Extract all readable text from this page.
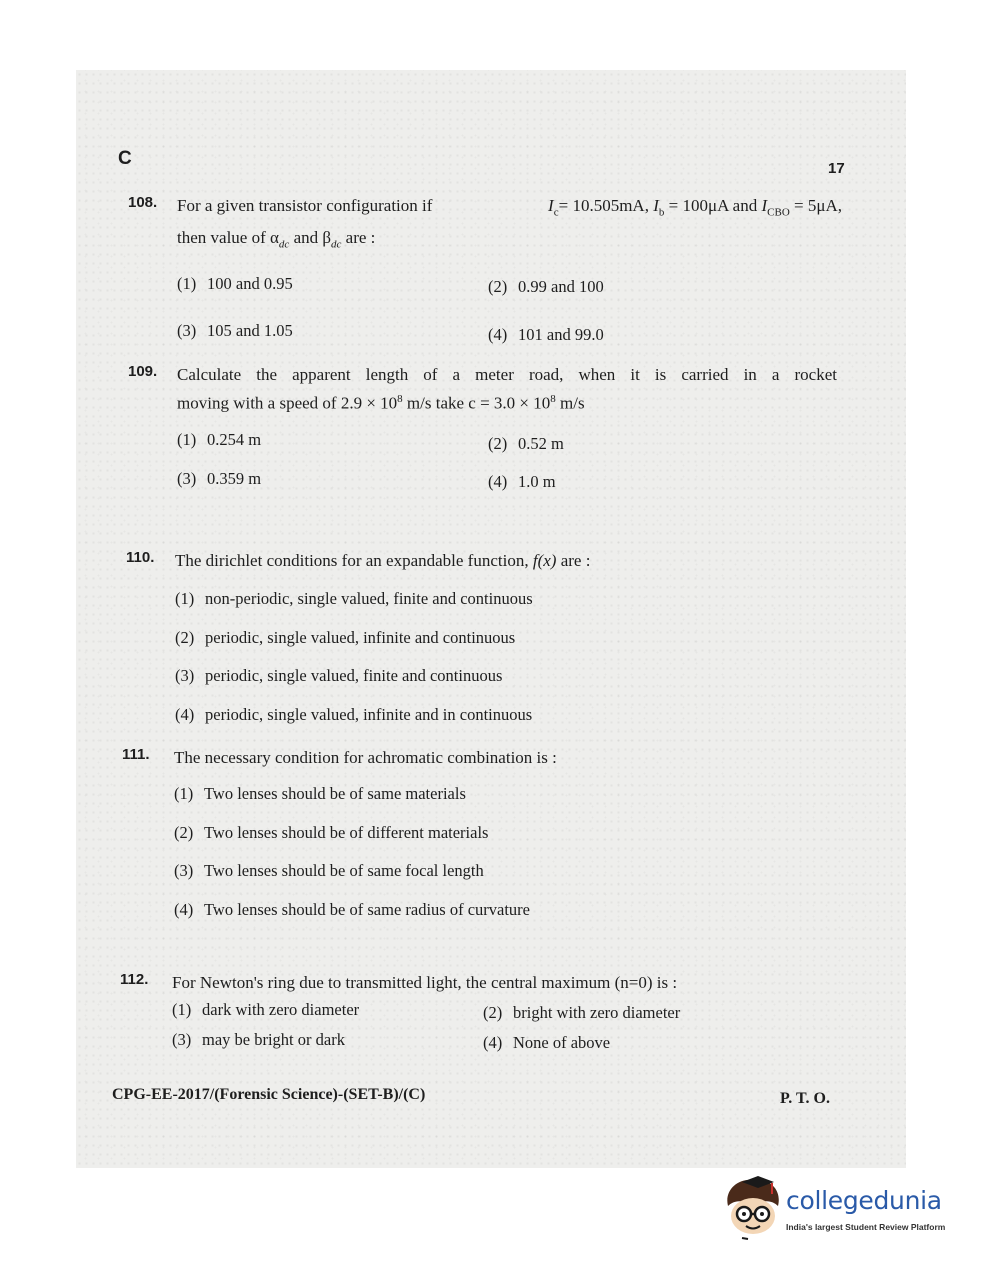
C	17
108. For a given transistor configuration if	$I_c= 10.505mA$, $I_b = 100\mu A$ and $I_{CBO} = 5\mu A$,
then value of $\alpha_{dc}$ and $\beta_{dc}$ are :
(1) 100 and 0.95	(2) 0.99 and 100
(3) 105 and 1.05	(4) 101 and 99.0
109. Calculate the apparent length of a meter road, when it is carried in a rocket
moving with a speed of $2.9 \times 10^8$ m/s take $c = 3.0 \times 10^8$ m/s
(1) 0.254 m	(2) 0.52 m
(3) 0.359 m	(4) 1.0 m
110. The dirichlet conditions for an expandable function, f(x) are :
(1) non-periodic, single valued, finite and continuous
(2) periodic, single valued, infinite and continuous
(3) periodic, single valued, finite and continuous
(4) periodic, single valued, infinite and in continuous
111. The necessary condition for achromatic combination is :
(1) Two lenses should be of same materials
(2) Two lenses should be of different materials
(3) Two lenses should be of same focal length
(4) Two lenses should be of same radius of curvature
112. For Newton's ring due to transmitted light, the central maximum (n=0) is :
(1) dark with zero diameter	(2) bright with zero diameter
(3) may be bright or dark	(4) None of above
CPG-EE-2017/(Forensic Science)-(SET-B)/(C)	P. T. O.
collegedunia
India's largest Student Review Platform
